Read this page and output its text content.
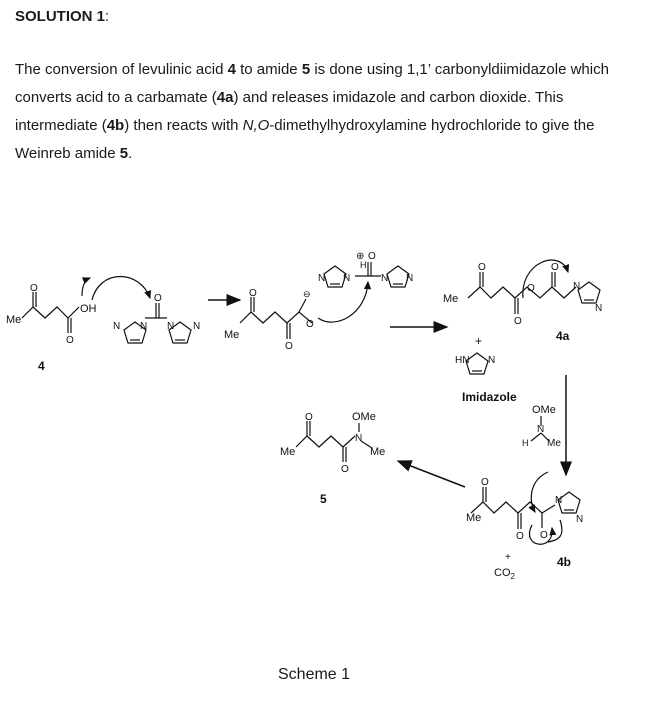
SOLUTION 1:
The conversion of levulinic acid 4 to amide 5 is done using 1,1’ carbonyldiimidazole which converts acid to a carbamate (4a) and releases imidazole and carbon dioxide. This intermediate (4b) then reacts with N,O-dimethylhydroxylamine hydrochloride to give the Weinreb amide 5.
Me
OH
O
O
N N N N
O
Me
O
O
⊖
O
N N	N N
⊕ O
H
Me
O
O
O
O
N
N
+
HN N
Imidazole
4a
4
OMe
N
H Me
Me
O
O O
N
N
+
$CO_2$
4b
Me
O
O
OMe
N
Me
5
Scheme 1
